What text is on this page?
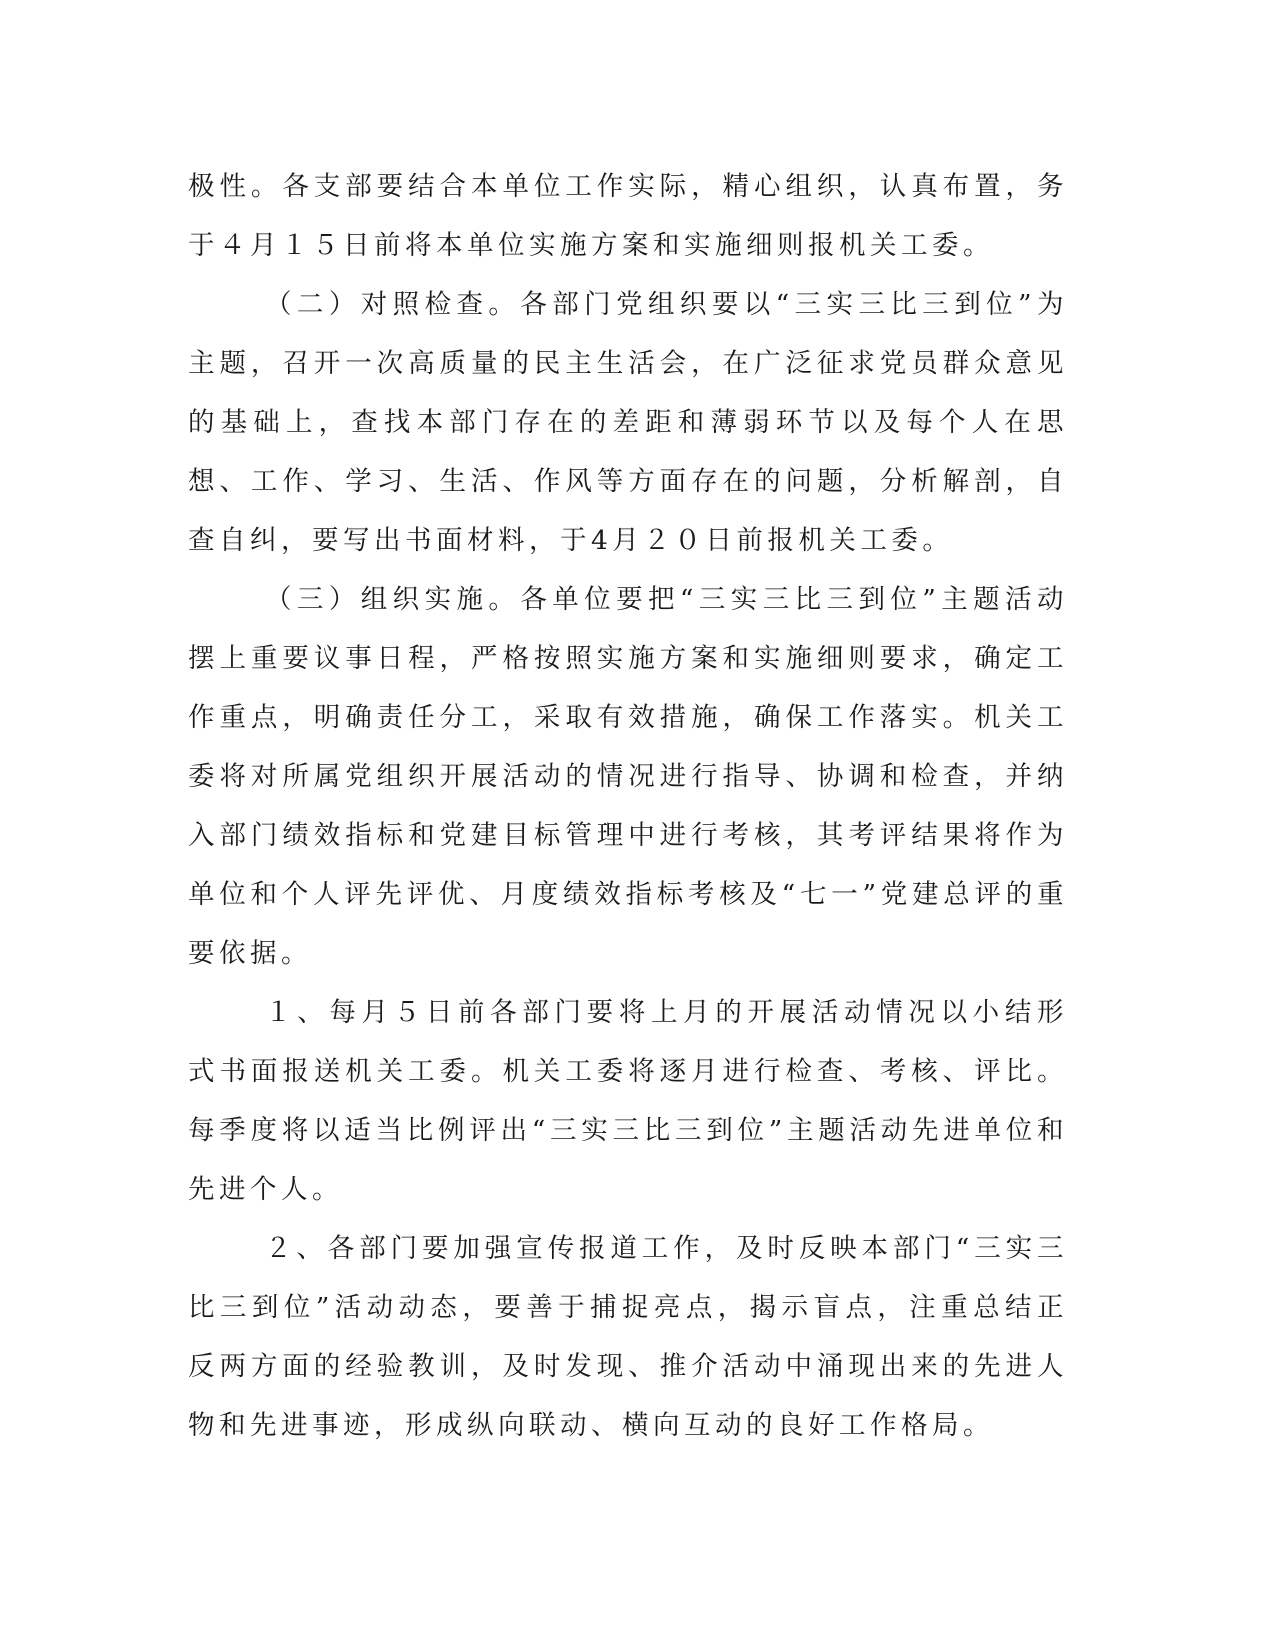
极性。各支部要结合本单位工作实际，精心组织，认真布置，务于４月１５日前将本单位实施方案和实施细则报机关工委。

（二）对照检查。各部门党组织要以“三实三比三到位”为主题，召开一次高质量的民主生活会，在广泛征求党员群众意见的基础上，查找本部门存在的差距和薄弱环节以及每个人在思想、工作、学习、生活、作风等方面存在的问题，分析解剖，自查自纠，要写出书面材料，于4月２０日前报机关工委。

（三）组织实施。各单位要把“三实三比三到位”主题活动摆上重要议事日程，严格按照实施方案和实施细则要求，确定工作重点，明确责任分工，采取有效措施，确保工作落实。机关工委将对所属党组织开展活动的情况进行指导、协调和检查，并纳入部门绩效指标和党建目标管理中进行考核，其考评结果将作为单位和个人评先评优、月度绩效指标考核及“七一”党建总评的重要依据。

１、每月５日前各部门要将上月的开展活动情况以小结形式书面报送机关工委。机关工委将逐月进行检查、考核、评比。每季度将以适当比例评出“三实三比三到位”主题活动先进单位和先进个人。

２、各部门要加强宣传报道工作，及时反映本部门“三实三比三到位”活动动态，要善于捕捉亮点，揭示盲点，注重总结正反两方面的经验教训，及时发现、推介活动中涌现出来的先进人物和先进事迹，形成纵向联动、横向互动的良好工作格局。
